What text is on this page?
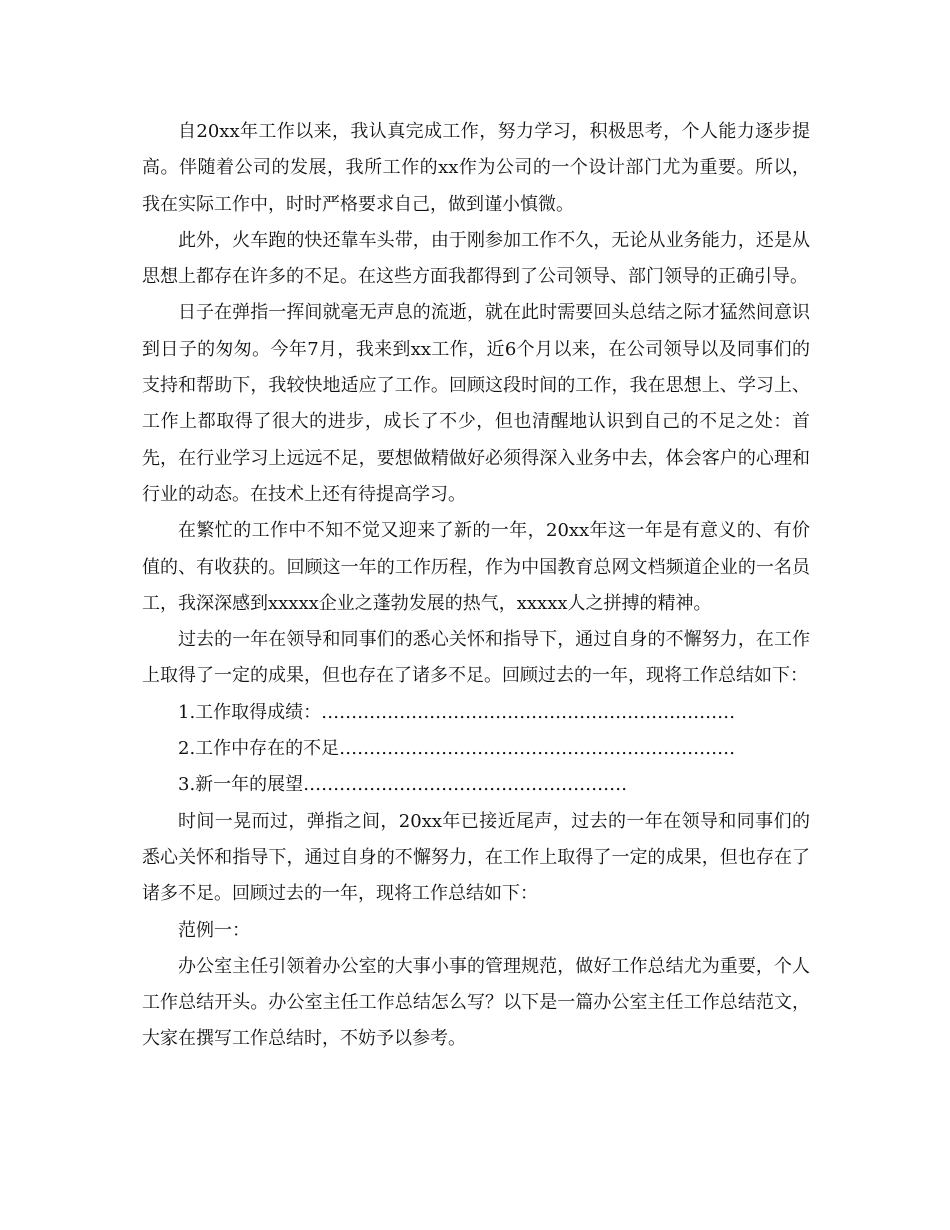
自20xx年工作以来，我认真完成工作，努力学习，积极思考，个人能力逐步提高。伴随着公司的发展，我所工作的xx作为公司的一个设计部门尤为重要。所以，我在实际工作中，时时严格要求自己，做到谨小慎微。

此外，火车跑的快还靠车头带，由于刚参加工作不久，无论从业务能力，还是从思想上都存在许多的不足。在这些方面我都得到了公司领导、部门领导的正确引导。

日子在弹指一挥间就毫无声息的流逝，就在此时需要回头总结之际才猛然间意识到日子的匆匆。今年7月，我来到xx工作，近6个月以来，在公司领导以及同事们的支持和帮助下，我较快地适应了工作。回顾这段时间的工作，我在思想上、学习上、工作上都取得了很大的进步，成长了不少，但也清醒地认识到自己的不足之处：首先，在行业学习上远远不足，要想做精做好必须得深入业务中去，体会客户的心理和行业的动态。在技术上还有待提高学习。

在繁忙的工作中不知不觉又迎来了新的一年，20xx年这一年是有意义的、有价值的、有收获的。回顾这一年的工作历程，作为中国教育总网文档频道企业的一名员工，我深深感到xxxxx企业之蓬勃发展的热气，xxxxx人之拼搏的精神。

过去的一年在领导和同事们的悉心关怀和指导下，通过自身的不懈努力，在工作上取得了一定的成果，但也存在了诸多不足。回顾过去的一年，现将工作总结如下：

1.工作取得成绩：……………………………………………………………

2.工作中存在的不足…………………………………………………………

3.新一年的展望………………………………………………

时间一晃而过，弹指之间，20xx年已接近尾声，过去的一年在领导和同事们的悉心关怀和指导下，通过自身的不懈努力，在工作上取得了一定的成果，但也存在了诸多不足。回顾过去的一年，现将工作总结如下：

范例一：

办公室主任引领着办公室的大事小事的管理规范，做好工作总结尤为重要，个人工作总结开头。办公室主任工作总结怎么写？以下是一篇办公室主任工作总结范文，大家在撰写工作总结时，不妨予以参考。
